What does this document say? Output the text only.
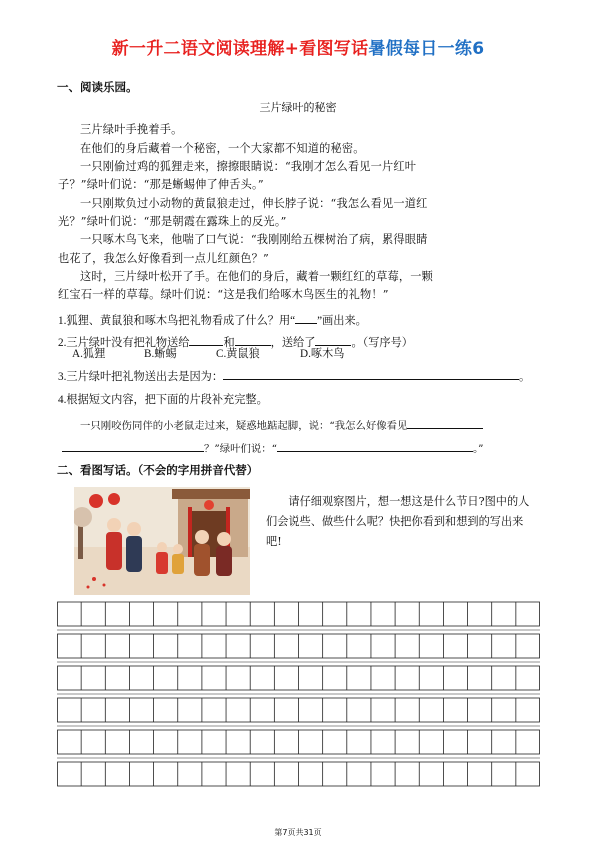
新一升二语文阅读理解+看图写话暑假每日一练6
一、阅读乐园。
三片绿叶的秘密
三片绿叶手挽着手。
在他们的身后藏着一个秘密，一个大家都不知道的秘密。
一只刚偷过鸡的狐狸走来，擦擦眼睛说：“我刚才怎么看见一片红叶
子？”绿叶们说：“那是蜥蜴伸了伸舌头。”
一只刚欺负过小动物的黄鼠狼走过，伸长脖子说：“我怎么看见一道红
光？”绿叶们说：“那是朝霞在露珠上的反光。”
一只啄木鸟飞来，他喘了口气说：“我刚刚给五棵树治了病，累得眼睛
也花了，我怎么好像看到一点儿红颜色？”
这时，三片绿叶松开了手。在他们的身后，藏着一颗红红的草莓，一颗
红宝石一样的草莓。绿叶们说：“这是我们给啄木鸟医生的礼物！”
1.狐狸、黄鼠狼和啄木鸟把礼物看成了什么？用“ ”画出来。
2.三片绿叶没有把礼物送给	和	，送给了	。（写序号）
A.狐狸	B.蜥蜴	C.黄鼠狼	D.啄木鸟
3.三片绿叶把礼物送出去是因为：	。
4.根据短文内容，把下面的片段补充完整。
一只刚咬伤同伴的小老鼠走过来，疑惑地踮起脚，说：“我怎么好像看见
？”绿叶们说：“	。”
二、看图写话。（不会的字用拼音代替）
请仔细观察图片，想一想这是什么节日?图中的人们会说些、做些什么呢？快把你看到和想到的写出来吧!
第7页共31页
